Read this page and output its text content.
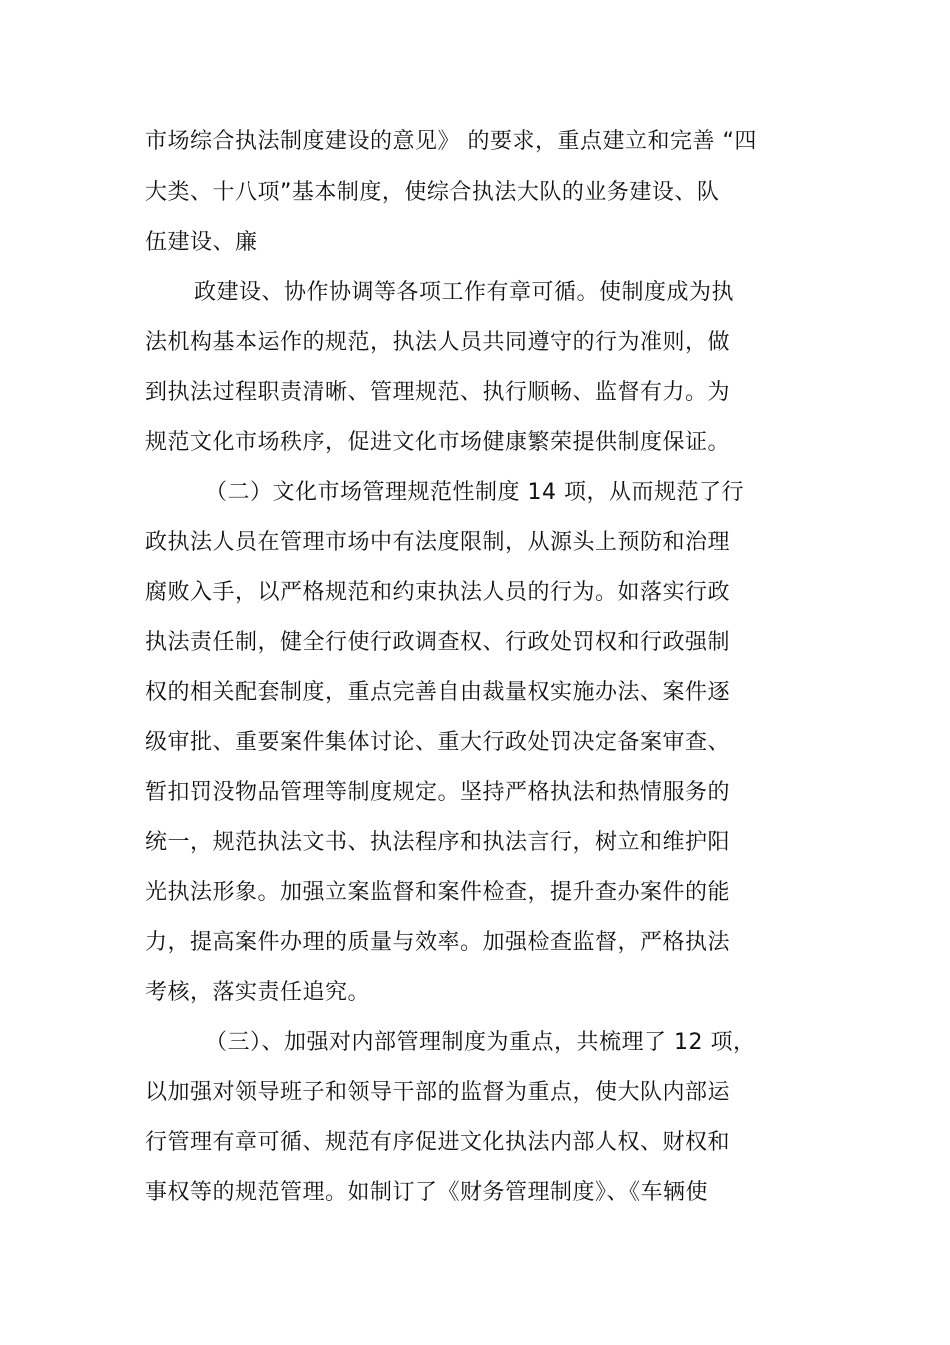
市场综合执法制度建设的意见》 的要求，重点建立和完善 “四
大类、十八项”基本制度，使综合执法大队的业务建设、队
伍建设、廉
政建设、协作协调等各项工作有章可循。使制度成为执
法机构基本运作的规范，执法人员共同遵守的行为准则，做
到执法过程职责清晰、管理规范、执行顺畅、监督有力。为
规范文化市场秩序，促进文化市场健康繁荣提供制度保证。
（二）文化市场管理规范性制度 14 项，从而规范了行
政执法人员在管理市场中有法度限制，从源头上预防和治理
腐败入手，以严格规范和约束执法人员的行为。如落实行政
执法责任制，健全行使行政调查权、行政处罚权和行政强制
权的相关配套制度，重点完善自由裁量权实施办法、案件逐
级审批、重要案件集体讨论、重大行政处罚决定备案审查、
暂扣罚没物品管理等制度规定。坚持严格执法和热情服务的
统一，规范执法文书、执法程序和执法言行，树立和维护阳
光执法形象。加强立案监督和案件检查，提升查办案件的能
力，提高案件办理的质量与效率。加强检查监督，严格执法
考核，落实责任追究。
（三）、加强对内部管理制度为重点，共梳理了 12 项，
以加强对领导班子和领导干部的监督为重点，使大队内部运
行管理有章可循、规范有序促进文化执法内部人权、财权和
事权等的规范管理。如制订了《财务管理制度》、《车辆使
